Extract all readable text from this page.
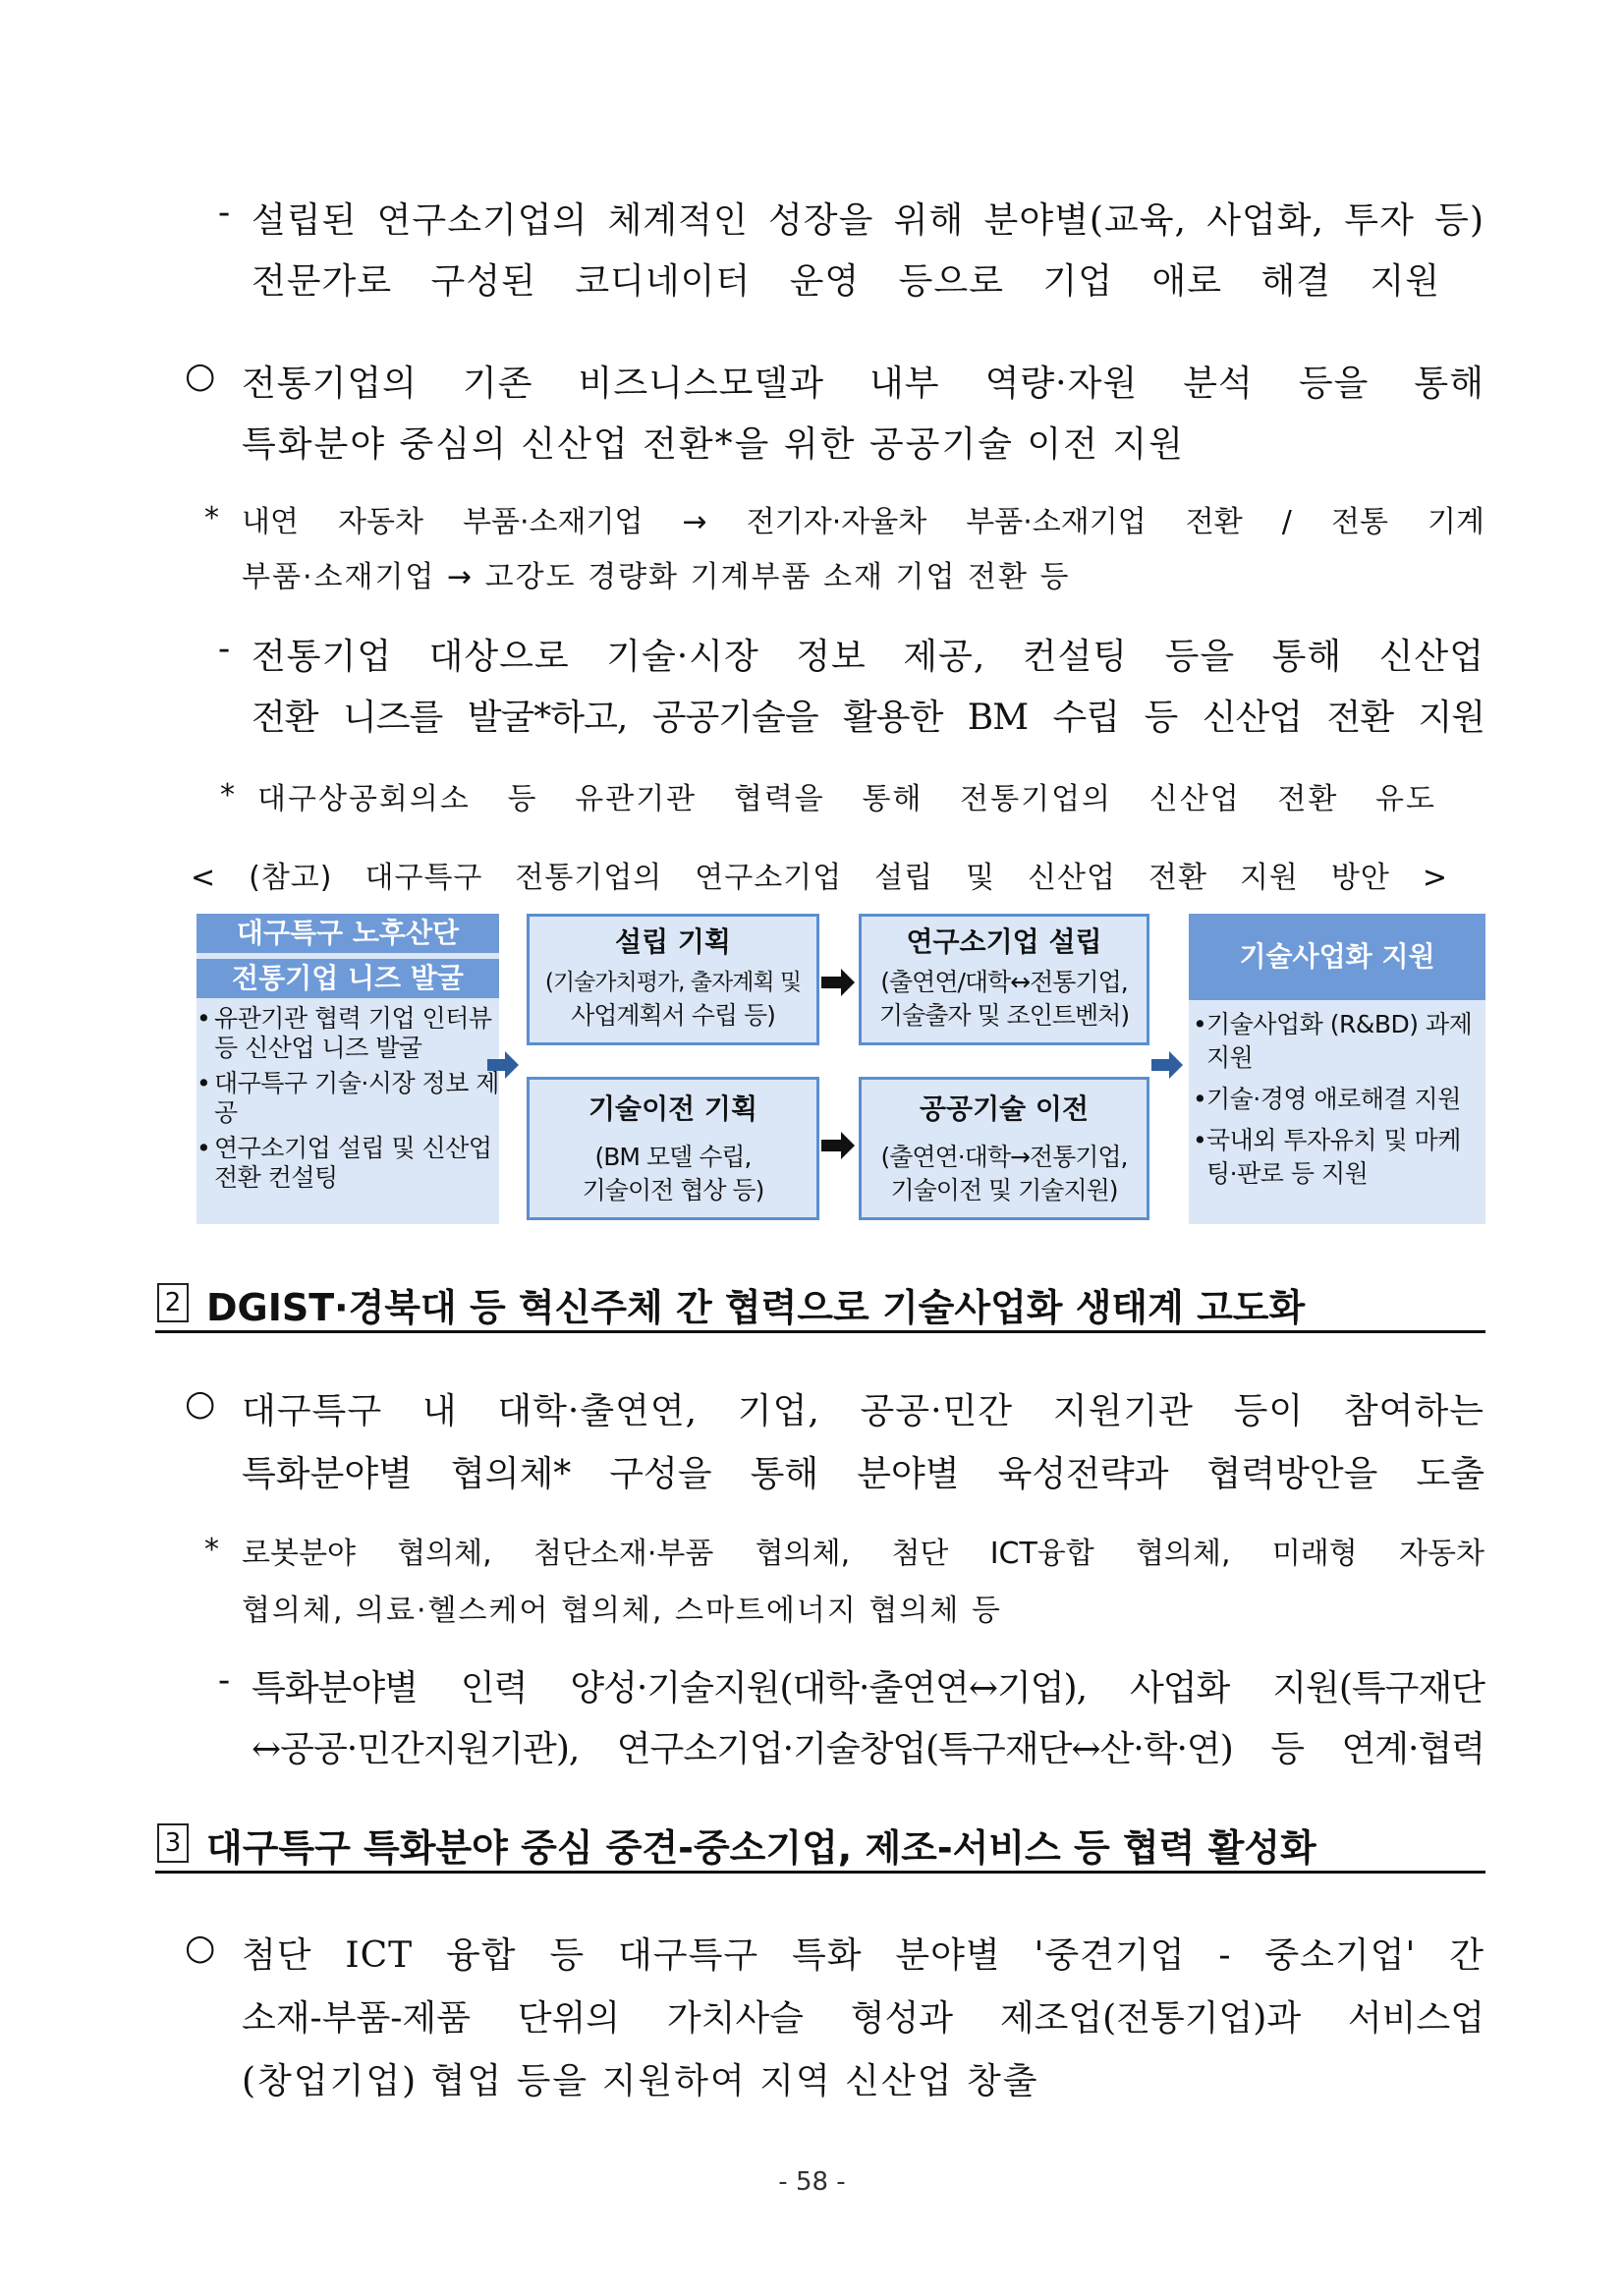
- 설립된 연구소기업의 체계적인 성장을 위해 분야별(교육, 사업화, 투자 등)
전문가로 구성된 코디네이터 운영 등으로 기업 애로 해결 지원
○ 전통기업의 기존 비즈니스모델과 내부 역량·자원 분석 등을 통해
특화분야 중심의 신산업 전환*을 위한 공공기술 이전 지원
* 내연 자동차 부품·소재기업 → 전기자·자율차 부품·소재기업 전환 / 전통 기계
부품·소재기업 → 고강도 경량화 기계부품 소재 기업 전환 등
- 전통기업 대상으로 기술·시장 정보 제공, 컨설팅 등을 통해 신산업
전환 니즈를 발굴*하고, 공공기술을 활용한 BM 수립 등 신산업 전환 지원
* 대구상공회의소 등 유관기관 협력을 통해 전통기업의 신산업 전환 유도
< (참고) 대구특구 전통기업의 연구소기업 설립 및 신산업 전환 지원 방안 >
대구특구 노후산단
전통기업 니즈 발굴
• 유관기관 협력 기업 인터뷰 등 신산업 니즈 발굴
• 대구특구 기술·시장 정보 제공
• 연구소기업 설립 및 신산업 전환 컨설팅
설립 기획
(기술가치평가, 출자계획 및
사업계획서 수립 등)
연구소기업 설립
(출연연/대학↔전통기업,
기술출자 및 조인트벤처)
기술이전 기획
(BM 모델 수립,
기술이전 협상 등)
공공기술 이전
(출연연·대학→전통기업,
기술이전 및 기술지원)
기술사업화 지원
• 기술사업화 (R&BD) 과제 지원
• 기술·경영 애로해결 지원
• 국내외 투자유치 및 마케팅·판로 등 지원
2 DGIST·경북대 등 혁신주체 간 협력으로 기술사업화 생태계 고도화
○ 대구특구 내 대학·출연연, 기업, 공공·민간 지원기관 등이 참여하는
특화분야별 협의체* 구성을 통해 분야별 육성전략과 협력방안을 도출
* 로봇분야 협의체, 첨단소재·부품 협의체, 첨단 ICT융합 협의체, 미래형 자동차
협의체, 의료·헬스케어 협의체, 스마트에너지 협의체 등
- 특화분야별 인력 양성·기술지원(대학·출연연↔기업), 사업화 지원(특구재단
↔공공·민간지원기관), 연구소기업·기술창업(특구재단↔산·학·연) 등 연계·협력
3 대구특구 특화분야 중심 중견-중소기업, 제조-서비스 등 협력 활성화
○ 첨단 ICT 융합 등 대구특구 특화 분야별 '중견기업 - 중소기업' 간
소재-부품-제품 단위의 가치사슬 형성과 제조업(전통기업)과 서비스업
(창업기업) 협업 등을 지원하여 지역 신산업 창출
- 58 -
